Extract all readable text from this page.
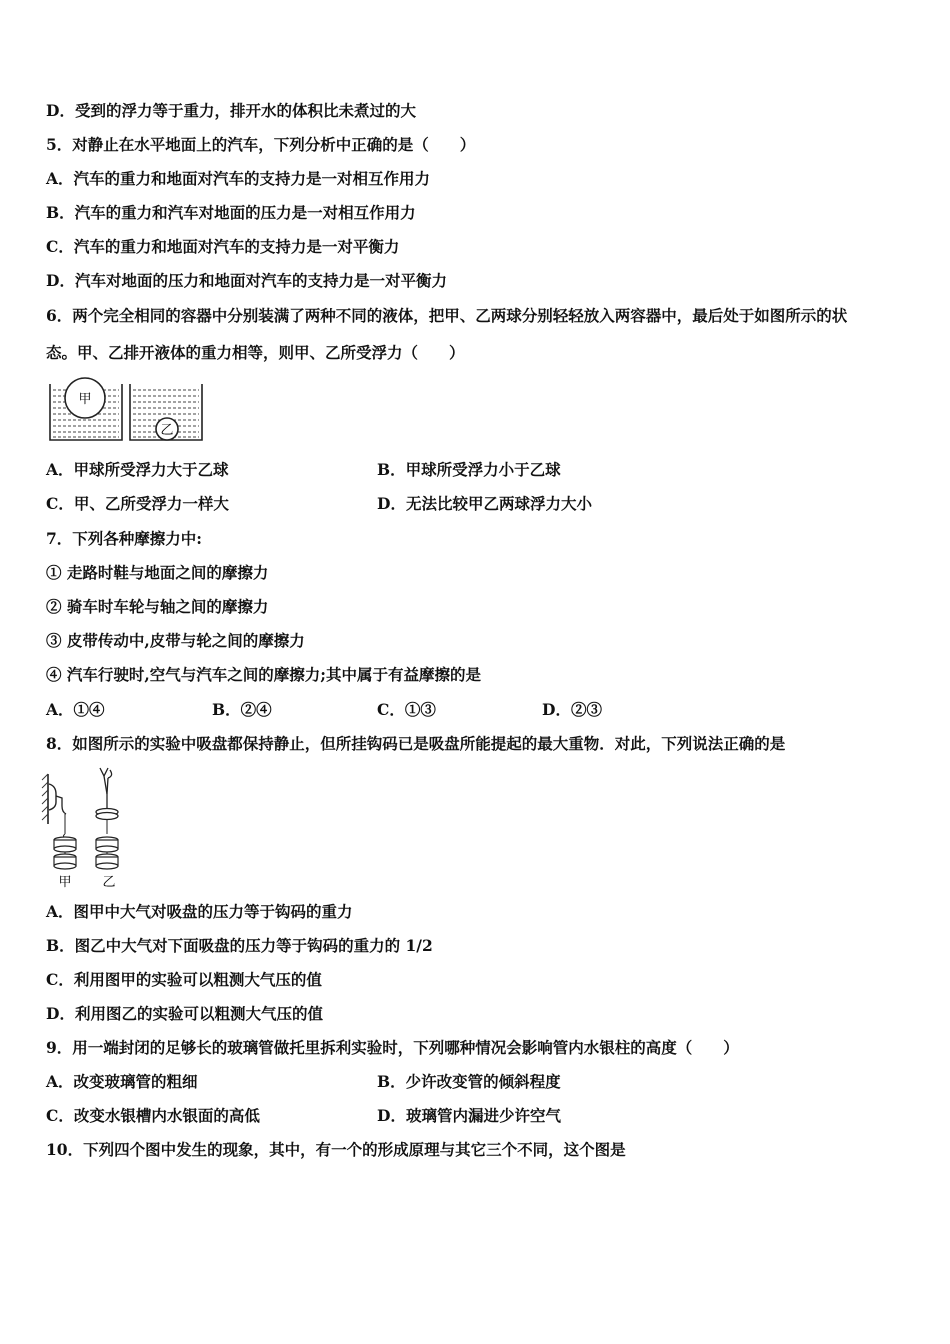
D．受到的浮力等于重力，排开水的体积比未煮过的大
5．对静止在水平地面上的汽车，下列分析中正确的是（　　）
A．汽车的重力和地面对汽车的支持力是一对相互作用力
B．汽车的重力和汽车对地面的压力是一对相互作用力
C．汽车的重力和地面对汽车的支持力是一对平衡力
D．汽车对地面的压力和地面对汽车的支持力是一对平衡力
6．两个完全相同的容器中分别装满了两种不同的液体，把甲、乙两球分别轻轻放入两容器中，最后处于如图所示的状
态。甲、乙排开液体的重力相等，则甲、乙所受浮力（　　）
甲
乙
A．甲球所受浮力大于乙球	B．甲球所受浮力小于乙球
C．甲、乙所受浮力一样大	D．无法比较甲乙两球浮力大小
7．下列各种摩擦力中:
① 走路时鞋与地面之间的摩擦力
② 骑车时车轮与轴之间的摩擦力
③ 皮带传动中,皮带与轮之间的摩擦力
④ 汽车行驶时,空气与汽车之间的摩擦力;其中属于有益摩擦的是
A．①④	B．②④	C．①③	D．②③
8．如图所示的实验中吸盘都保持静止，但所挂钩码已是吸盘所能提起的最大重物．对此，下列说法正确的是
甲 乙
A．图甲中大气对吸盘的压力等于钩码的重力
B．图乙中大气对下面吸盘的压力等于钩码的重力的 1/2
C．利用图甲的实验可以粗测大气压的值
D．利用图乙的实验可以粗测大气压的值
9．用一端封闭的足够长的玻璃管做托里拆利实验时，下列哪种情况会影响管内水银柱的高度（　　）
A．改变玻璃管的粗细	B．少许改变管的倾斜程度
C．改变水银槽内水银面的高低	D．玻璃管内漏进少许空气
10．下列四个图中发生的现象，其中，有一个的形成原理与其它三个不同，这个图是
